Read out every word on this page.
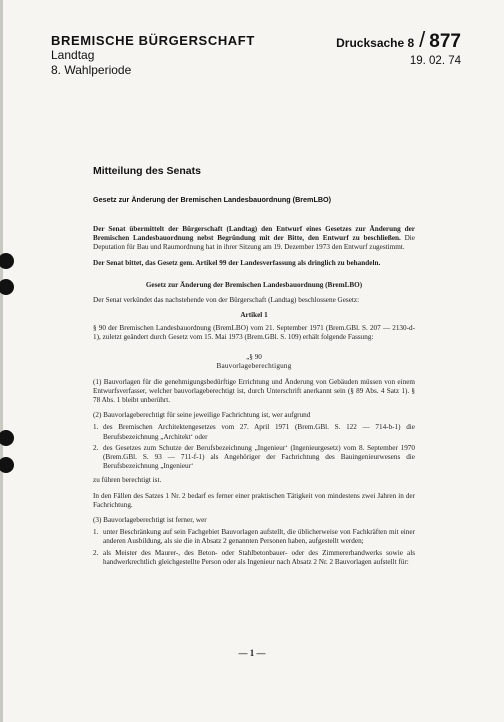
BREMISCHE BÜRGERSCHAFT
Landtag
8. Wahlperiode
Drucksache 8 / 877
19. 02. 74
Mitteilung des Senats
Gesetz zur Änderung der Bremischen Landesbauordnung (BremLBO)

Der Senat übermittelt der Bürgerschaft (Landtag) den Entwurf eines Gesetzes zur Änderung der Bremischen Landesbauordnung nebst Begründung mit der Bitte, den Entwurf zu beschließen. Die Deputation für Bau und Raumordnung hat in ihrer Sitzung am 19. Dezember 1973 den Entwurf zugestimmt.

Der Senat bittet, das Gesetz gem. Artikel 99 der Landesverfassung als dringlich zu behandeln.

Gesetz zur Änderung der Bremischen Landesbauordnung (BremLBO)

Der Senat verkündet das nachstehende von der Bürgerschaft (Landtag) beschlossene Gesetz:

Artikel 1

§ 90 der Bremischen Landesbauordnung (BremLBO) vom 21. September 1971 (Brem.GBl. S. 207 — 2130-d-1), zuletzt geändert durch Gesetz vom 15. Mai 1973 (Brem.GBl. S. 109) erhält folgende Fassung:

„§ 90
Bauvorlageberechtigung

(1) Bauvorlagen für die genehmigungsbedürftige Errichtung und Änderung von Gebäuden müssen von einem Entwurfsverfasser, welcher bauvorlageberechtigt ist, durch Unterschrift anerkannt sein (§ 89 Abs. 4 Satz 1). § 78 Abs. 1 bleibt unberührt.

(2) Bauvorlageberechtigt für seine jeweilige Fachrichtung ist, wer aufgrund

1. des Bremischen Architektengesetzes vom 27. April 1971 (Brem.GBl. S. 122 — 714-b-1) die Berufsbezeichnung „Architekt‘ oder
2. des Gesetzes zum Schutze der Berufsbezeichnung „Ingenieur‘ (Ingenieurgesetz) vom 8. September 1970 (Brem.GBl. S. 93 — 711-f-1) als Angehöriger der Fachrichtung des Bauingenieurwesens die Berufsbezeichnung „Ingenieur‘

zu führen berechtigt ist.

In den Fällen des Satzes 1 Nr. 2 bedarf es ferner einer praktischen Tätigkeit von mindestens zwei Jahren in der Fachrichtung.

(3) Bauvorlageberechtigt ist ferner, wer

1. unter Beschränkung auf sein Fachgebiet Bauvorlagen aufstellt, die üblicherweise von Fachkräften mit einer anderen Ausbildung, als sie die in Absatz 2 genannten Personen haben, aufgestellt werden;
2. als Meister des Maurer-, des Beton- oder Stahlbetonbauer- oder des Zimmererhandwerks sowie als handwerkrechtlich gleichgestellte Person oder als Ingenieur nach Absatz 2 Nr. 2 Bauvorlagen aufstellt für:
— 1 —
